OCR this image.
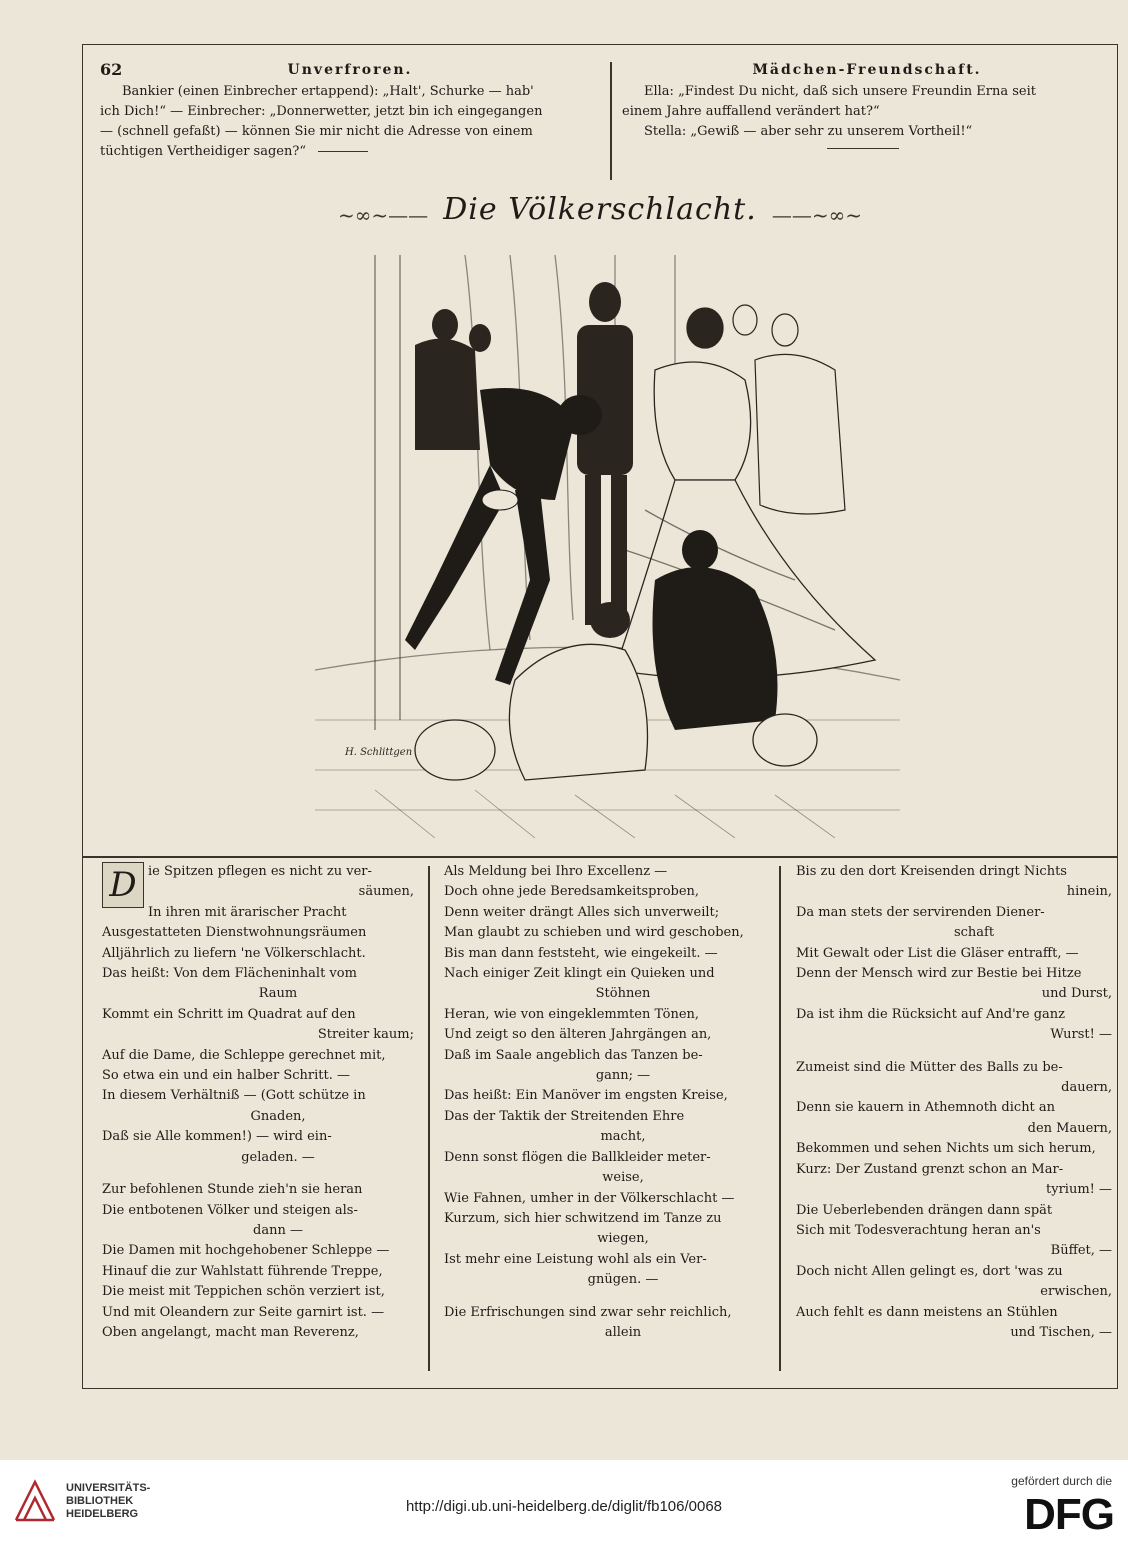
62	Unverfroren.
Bankier (einen Einbrecher ertappend): „Halt', Schurke — hab'
ich Dich!“ — Einbrecher: „Donnerwetter, jetzt bin ich eingegangen
— (schnell gefaßt) — können Sie mir nicht die Adresse von einem
tüchtigen Vertheidiger sagen?“
Mädchen-Freundschaft.
Ella: „Findest Du nicht, daß sich unsere Freundin Erna seit
einem Jahre auffallend verändert hat?“
Stella: „Gewiß — aber sehr zu unserem Vortheil!“
~∞~—— Die Völkerschlacht. ——~∞~
H. Schlittgen
D ie Spitzen pflegen es nicht zu ver-
säumen,
In ihren mit ärarischer Pracht
Ausgestatteten Dienstwohnungsräumen
Alljährlich zu liefern 'ne Völkerschlacht.
Das heißt: Von dem Flächeninhalt vom
Raum
Kommt ein Schritt im Quadrat auf den
Streiter kaum;
Auf die Dame, die Schleppe gerechnet mit,
So etwa ein und ein halber Schritt. —
In diesem Verhältniß — (Gott schütze in
Gnaden,
Daß sie Alle kommen!) — wird ein-
geladen. —

Zur befohlenen Stunde zieh'n sie heran
Die entbotenen Völker und steigen als-
dann —
Die Damen mit hochgehobener Schleppe —
Hinauf die zur Wahlstatt führende Treppe,
Die meist mit Teppichen schön verziert ist,
Und mit Oleandern zur Seite garnirt ist. —
Oben angelangt, macht man Reverenz,
Als Meldung bei Ihro Excellenz —
Doch ohne jede Beredsamkeitsproben,
Denn weiter drängt Alles sich unverweilt;
Man glaubt zu schieben und wird geschoben,
Bis man dann feststeht, wie eingekeilt. —
Nach einiger Zeit klingt ein Quieken und
Stöhnen
Heran, wie von eingeklemmten Tönen,
Und zeigt so den älteren Jahrgängen an,
Daß im Saale angeblich das Tanzen be-
gann; —
Das heißt: Ein Manöver im engsten Kreise,
Das der Taktik der Streitenden Ehre
macht,
Denn sonst flögen die Ballkleider meter-
weise,
Wie Fahnen, umher in der Völkerschlacht —
Kurzum, sich hier schwitzend im Tanze zu
wiegen,
Ist mehr eine Leistung wohl als ein Ver-
gnügen. —

Die Erfrischungen sind zwar sehr reichlich,
allein
Bis zu den dort Kreisenden dringt Nichts
hinein,
Da man stets der servirenden Diener-
schaft
Mit Gewalt oder List die Gläser entrafft, —
Denn der Mensch wird zur Bestie bei Hitze
und Durst,
Da ist ihm die Rücksicht auf And're ganz
Wurst! —

Zumeist sind die Mütter des Balls zu be-
dauern,
Denn sie kauern in Athemnoth dicht an
den Mauern,
Bekommen und sehen Nichts um sich herum,
Kurz: Der Zustand grenzt schon an Mar-
tyrium! —
Die Ueberlebenden drängen dann spät
Sich mit Todesverachtung heran an's
Büffet, —
Doch nicht Allen gelingt es, dort 'was zu
erwischen,
Auch fehlt es dann meistens an Stühlen
und Tischen, —
UNIVERSITÄTS-
BIBLIOTHEK
HEIDELBERG	http://digi.ub.uni-heidelberg.de/diglit/fb106/0068
gefördert durch die
DFG
